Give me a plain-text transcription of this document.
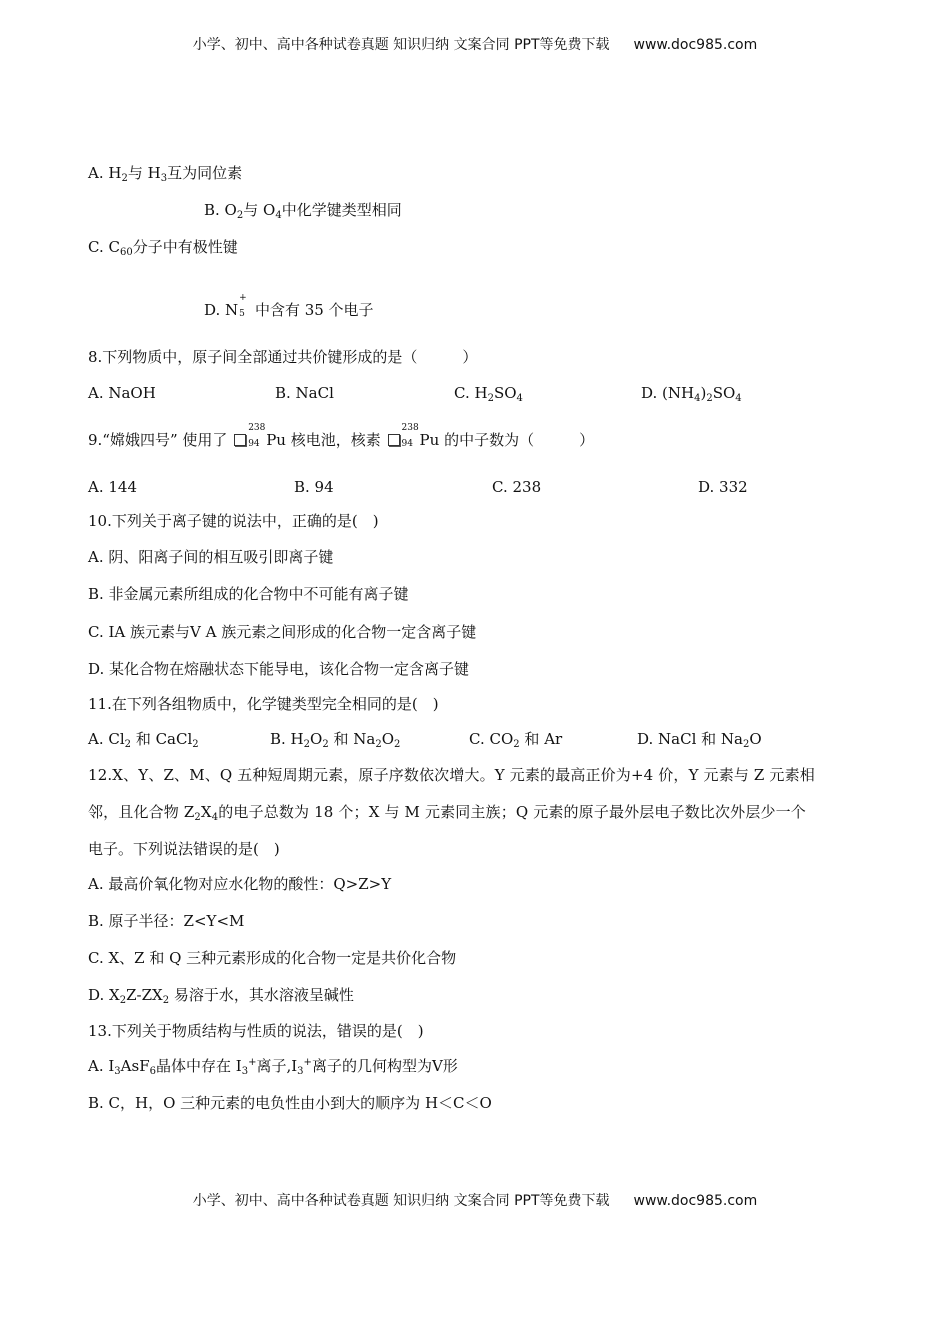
小学、初中、高中各种试卷真题 知识归纳 文案合同 PPT等免费下载 www.doc985.com
A. $H_2$与 $H_3$互为同位素
B. $O_2$与 $O_4$中化学键类型相同
C. $C_{60}$分子中有极性键
D. N
+
5 中含有 35 个电子
8.下列物质中，原子间全部通过共价键形成的是（　　　）
A. NaOH	B. NaCl	C. $H_2SO_4$	D. $(NH_4)_2SO_4$
9.“嫦娥四号” 使用了
238
94 Pu 核电池，核素
238
94 Pu 的中子数为（　　　）
A. 144	B. 94	C. 238	D. 332
10.下列关于离子键的说法中，正确的是(　)
A. 阴、阳离子间的相互吸引即离子键
B. 非金属元素所组成的化合物中不可能有离子键
C. IA 族元素与Ⅴ A 族元素之间形成的化合物一定含离子键
D. 某化合物在熔融状态下能导电，该化合物一定含离子键
11.在下列各组物质中，化学键类型完全相同的是(　)
A. $Cl_2$ 和 CaCl$_2$	B. $H_2O_2$ 和 $Na_2O_2$	C. $CO_2$ 和 Ar	D. NaCl 和 $Na_2O$
12.X、Y、Z、M、Q 五种短周期元素，原子序数依次增大。Y 元素的最高正价为+4 价，Y 元素与 Z 元素相
邻，且化合物 $Z_2X_4$的电子总数为 18 个；X 与 M 元素同主族；Q 元素的原子最外层电子数比次外层少一个
电子。下列说法错误的是(　)
A. 最高价氧化物对应水化物的酸性：Q>Z>Y
B. 原子半径：Z<Y<M
C. X、Z 和 Q 三种元素形成的化合物一定是共价化合物
D. $X_2Z-ZX_2$ 易溶于水，其水溶液呈碱性
13.下列关于物质结构与性质的说法，错误的是(　)
A. $I_3AsF_6$晶体中存在 $I_3^+$离子$,I_3^+$离子的几何构型为Ⅴ形
B. C，H，O 三种元素的电负性由小到大的顺序为 H＜C＜O
小学、初中、高中各种试卷真题 知识归纳 文案合同 PPT等免费下载 www.doc985.com
